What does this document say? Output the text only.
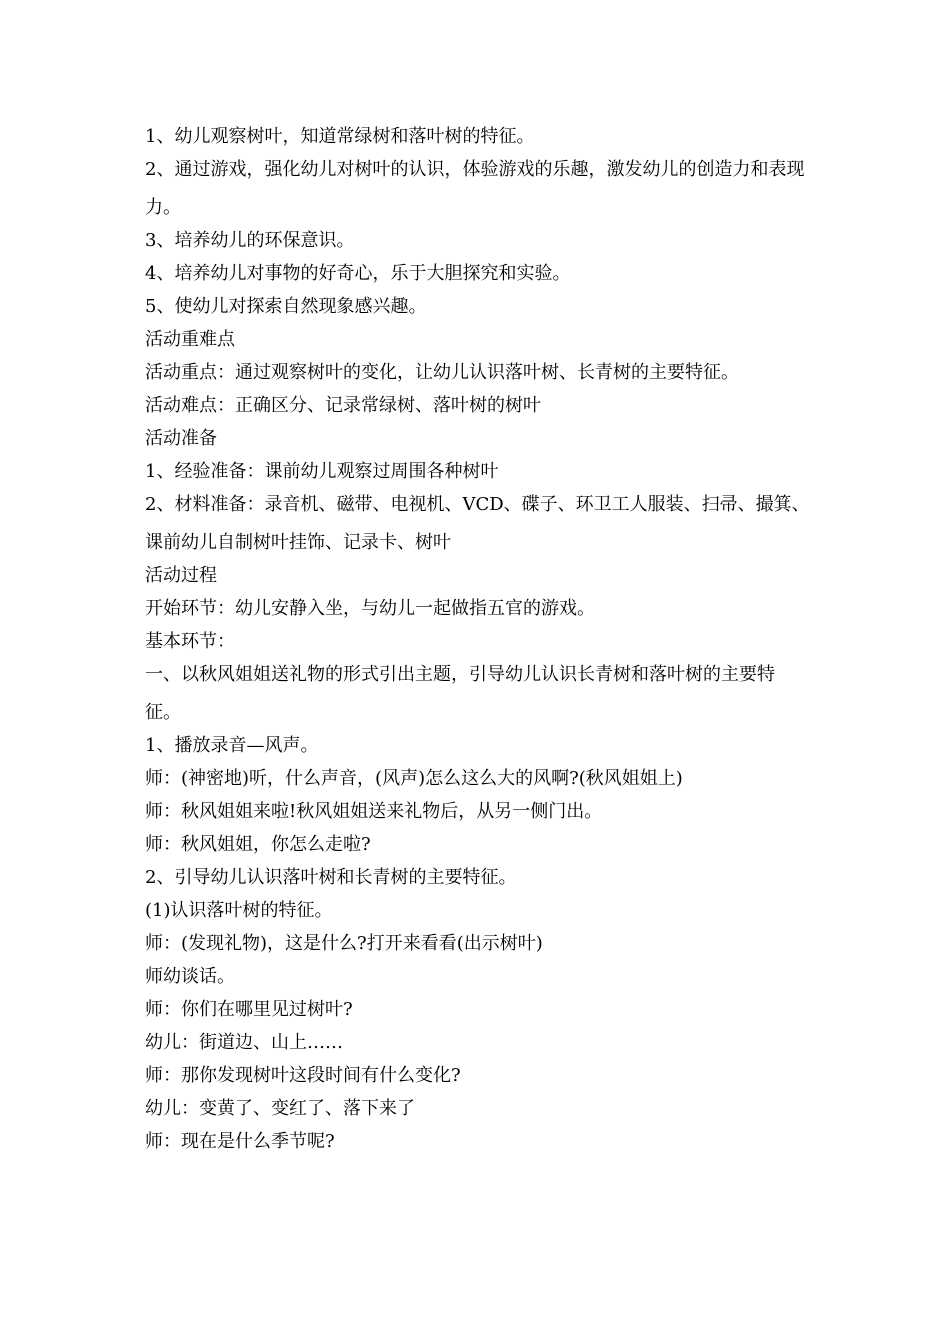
1、幼儿观察树叶，知道常绿树和落叶树的特征。
2、通过游戏，强化幼儿对树叶的认识，体验游戏的乐趣，激发幼儿的创造力和表现力。
3、培养幼儿的环保意识。
4、培养幼儿对事物的好奇心，乐于大胆探究和实验。
5、使幼儿对探索自然现象感兴趣。
活动重难点
活动重点：通过观察树叶的变化，让幼儿认识落叶树、长青树的主要特征。
活动难点：正确区分、记录常绿树、落叶树的树叶
活动准备
1、经验准备：课前幼儿观察过周围各种树叶
2、材料准备：录音机、磁带、电视机、VCD、碟子、环卫工人服装、扫帚、撮箕、课前幼儿自制树叶挂饰、记录卡、树叶
活动过程
开始环节：幼儿安静入坐，与幼儿一起做指五官的游戏。
基本环节：
一、以秋风姐姐送礼物的形式引出主题，引导幼儿认识长青树和落叶树的主要特征。
1、播放录音—风声。
师：(神密地)听，什么声音，(风声)怎么这么大的风啊?(秋风姐姐上)
师：秋风姐姐来啦!秋风姐姐送来礼物后，从另一侧门出。
师：秋风姐姐，你怎么走啦?
2、引导幼儿认识落叶树和长青树的主要特征。
(1)认识落叶树的特征。
师：(发现礼物)，这是什么?打开来看看(出示树叶)
师幼谈话。
师：你们在哪里见过树叶?
幼儿：街道边、山上……
师：那你发现树叶这段时间有什么变化?
幼儿：变黄了、变红了、落下来了
师：现在是什么季节呢?
